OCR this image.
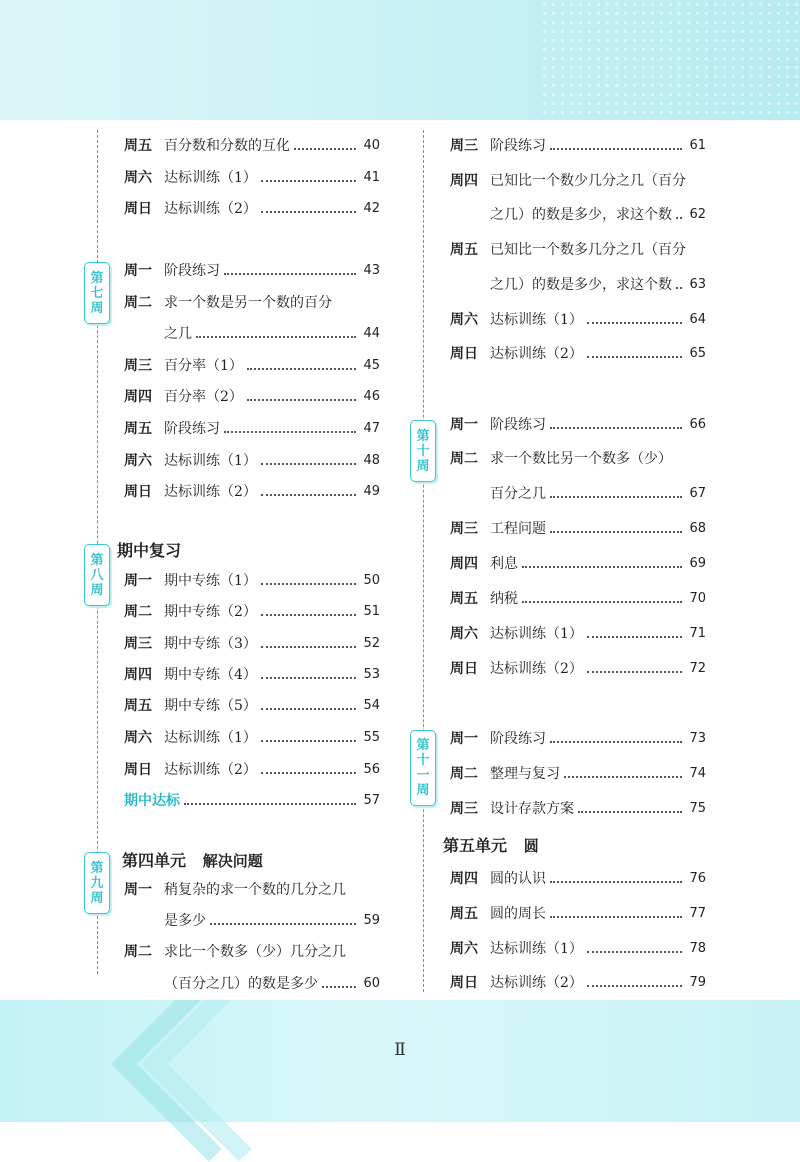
第
七
周
第
八
周
第
九
周
第
十
周
第
十
一
周
周五 百分数和分数的互化	40
周六 达标训练（1）	41
周日 达标训练（2）	42
周一 阶段练习	43
周二 求一个数是另一个数的百分
之几	44
周三 百分率（1）	45
周四 百分率（2）	46
周五 阶段练习	47
周六 达标训练（1）	48
周日 达标训练（2）	49
期中复习
周一 期中专练（1）	50
周二 期中专练（2）	51
周三 期中专练（3）	52
周四 期中专练（4）	53
周五 期中专练（5）	54
周六 达标训练（1）	55
周日 达标训练（2）	56
期中达标	57
第四单元 解决问题
周一 稍复杂的求一个数的几分之几
是多少	59
周二 求比一个数多（少）几分之几
（百分之几）的数是多少	60
周三 阶段练习	61
周四 已知比一个数少几分之几（百分
之几）的数是多少，求这个数 62
周五 已知比一个数多几分之几（百分
之几）的数是多少，求这个数 63
周六 达标训练（1）	64
周日 达标训练（2）	65
周一 阶段练习	66
周二 求一个数比另一个数多（少）
百分之几	67
周三 工程问题	68
周四 利息	69
周五 纳税	70
周六 达标训练（1）	71
周日 达标训练（2）	72
周一 阶段练习	73
周二 整理与复习	74
周三 设计存款方案	75
第五单元 圆
周四 圆的认识	76
周五 圆的周长	77
周六 达标训练（1）	78
周日 达标训练（2）	79
Ⅱ
